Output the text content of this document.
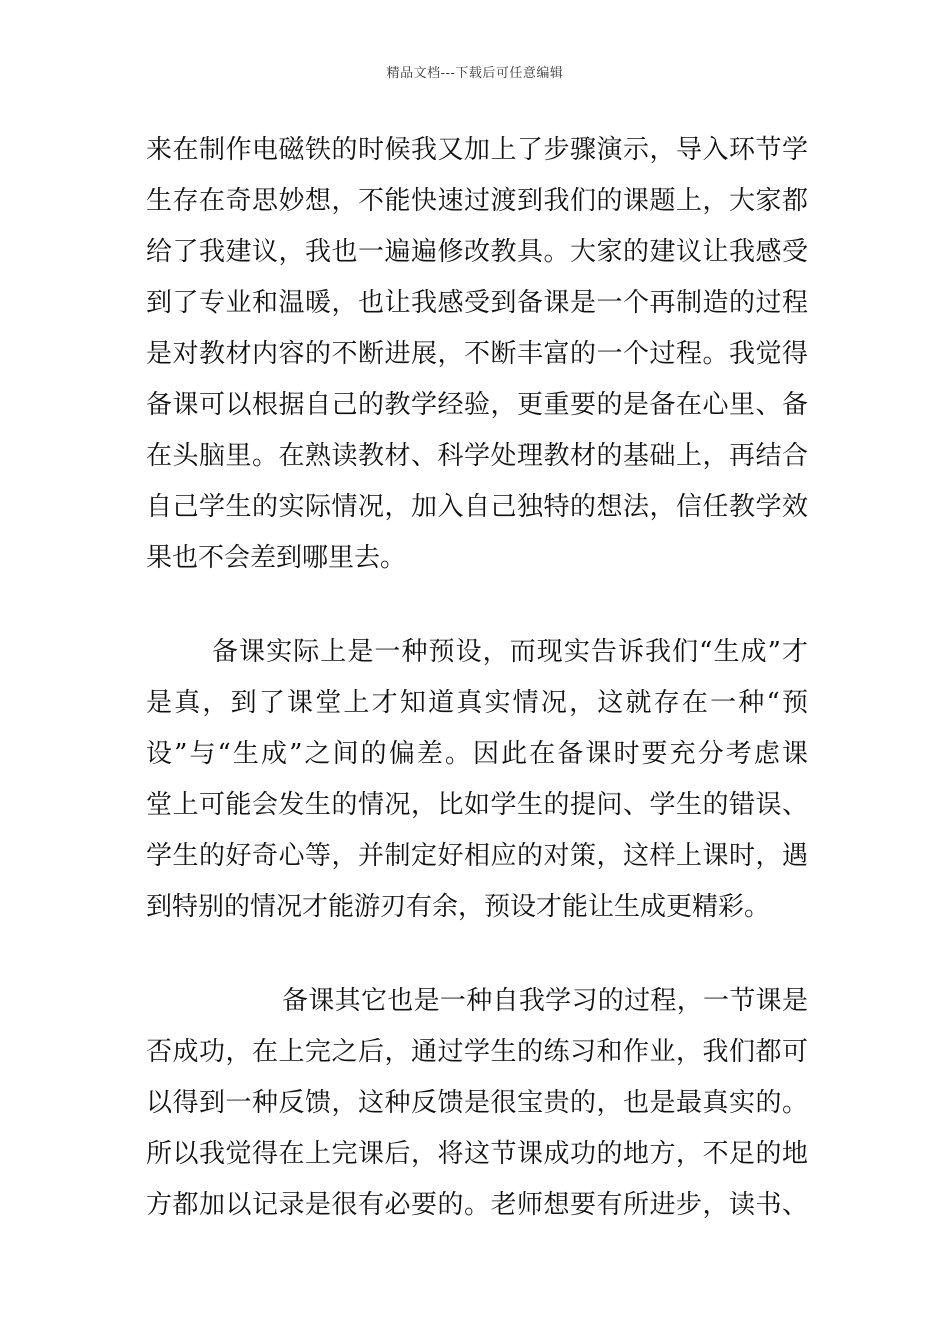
精品文档---下载后可任意编辑
来在制作电磁铁的时候我又加上了步骤演示，导入环节学
生存在奇思妙想，不能快速过渡到我们的课题上，大家都
给了我建议，我也一遍遍修改教具。大家的建议让我感受
到了专业和温暖，也让我感受到备课是一个再制造的过程
是对教材内容的不断进展，不断丰富的一个过程。我觉得
备课可以根据自己的教学经验，更重要的是备在心里、备
在头脑里。在熟读教材、科学处理教材的基础上，再结合
自己学生的实际情况，加入自己独特的想法，信任教学效
果也不会差到哪里去。
备课实际上是一种预设，而现实告诉我们“生成”才
是真，到了课堂上才知道真实情况，这就存在一种“预
设”与“生成”之间的偏差。因此在备课时要充分考虑课
堂上可能会发生的情况，比如学生的提问、学生的错误、
学生的好奇心等，并制定好相应的对策，这样上课时，遇
到特别的情况才能游刃有余，预设才能让生成更精彩。
备课其它也是一种自我学习的过程，一节课是
否成功，在上完之后，通过学生的练习和作业，我们都可
以得到一种反馈，这种反馈是很宝贵的，也是最真实的。
所以我觉得在上完课后，将这节课成功的地方，不足的地
方都加以记录是很有必要的。老师想要有所进步，读书、
